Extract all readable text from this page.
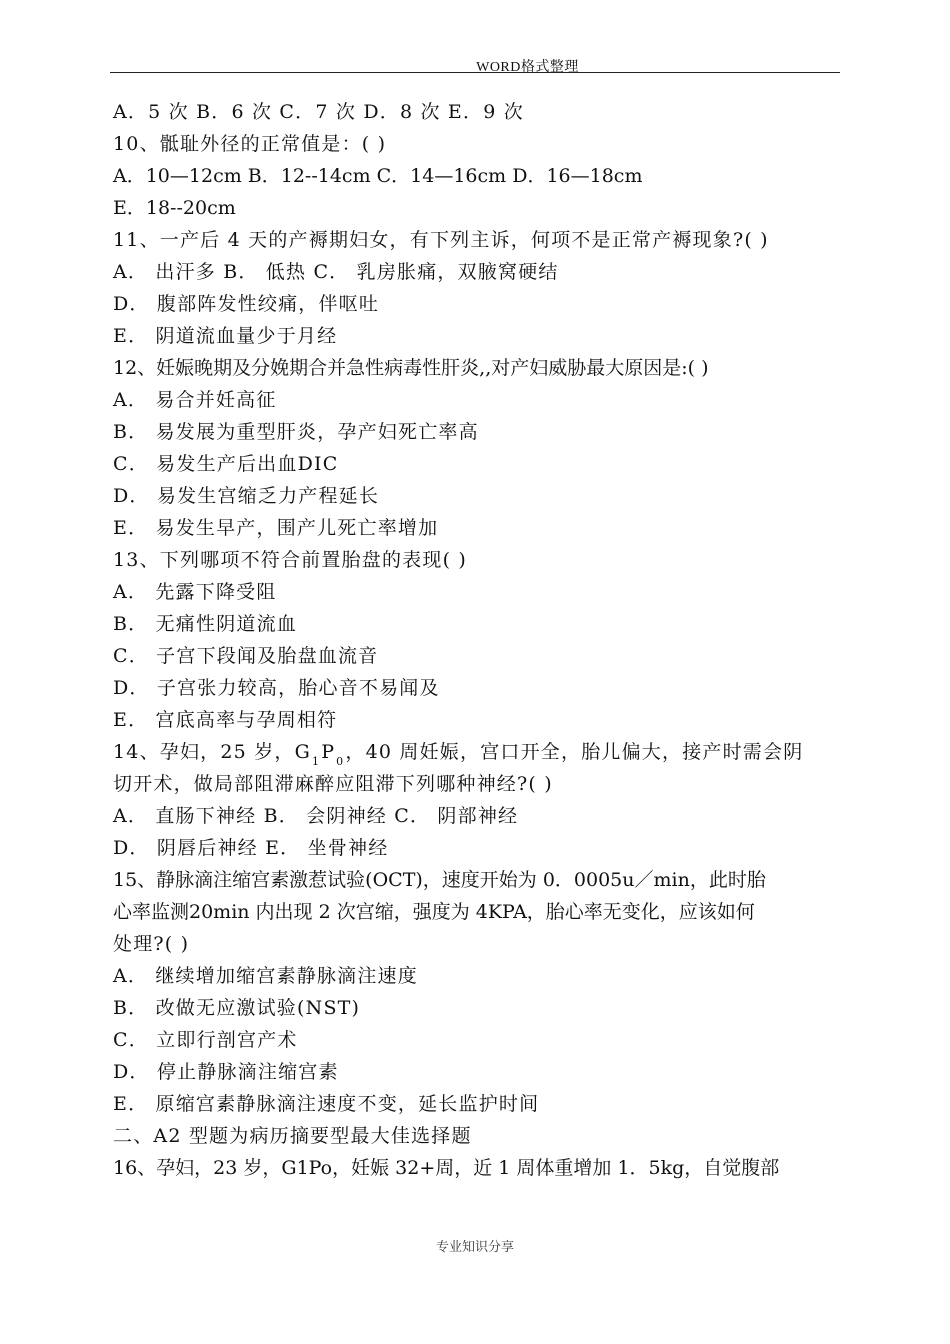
WORD格式整理
A．5 次 B．6 次 C．7 次 D．8 次 E．9 次
10、骶耻外径的正常值是：( )
A．10—12cm B．12--14cm C．14—16cm D．16—18cm
E．18--20cm
11、一产后 4 天的产褥期妇女，有下列主诉，何项不是正常产褥现象?( )
A． 出汗多 B． 低热 C． 乳房胀痛，双腋窝硬结
D． 腹部阵发性绞痛，伴呕吐
E． 阴道流血量少于月经
12、妊娠晚期及分娩期合并急性病毒性肝炎,,对产妇威胁最大原因是:( )
A． 易合并妊高征
B． 易发展为重型肝炎，孕产妇死亡率高
C． 易发生产后出血DIC
D． 易发生宫缩乏力产程延长
E． 易发生早产，围产儿死亡率增加
13、下列哪项不符合前置胎盘的表现( )
A． 先露下降受阻
B． 无痛性阴道流血
C． 子宫下段闻及胎盘血流音
D． 子宫张力较高，胎心音不易闻及
E． 宫底高率与孕周相符
14、孕妇，25 岁，$G_1P_0$，40 周妊娠，宫口开全，胎儿偏大，接产时需会阴
切开术，做局部阻滞麻醉应阻滞下列哪种神经?( )
A． 直肠下神经 B． 会阴神经 C． 阴部神经
D． 阴唇后神经 E． 坐骨神经
15、静脉滴注缩宫素激惹试验(OCT)，速度开始为 0．0005u／min，此时胎
心率监测20min 内出现 2 次宫缩，强度为 4KPA，胎心率无变化，应该如何
处理?( )
A． 继续增加缩宫素静脉滴注速度
B． 改做无应激试验(NST)
C． 立即行剖宫产术
D． 停止静脉滴注缩宫素
E． 原缩宫素静脉滴注速度不变，延长监护时间
二、A2 型题为病历摘要型最大佳选择题
16、孕妇，23 岁，G1Po，妊娠 32+周，近 1 周体重增加 1．5kg，自觉腹部
专业知识分享
